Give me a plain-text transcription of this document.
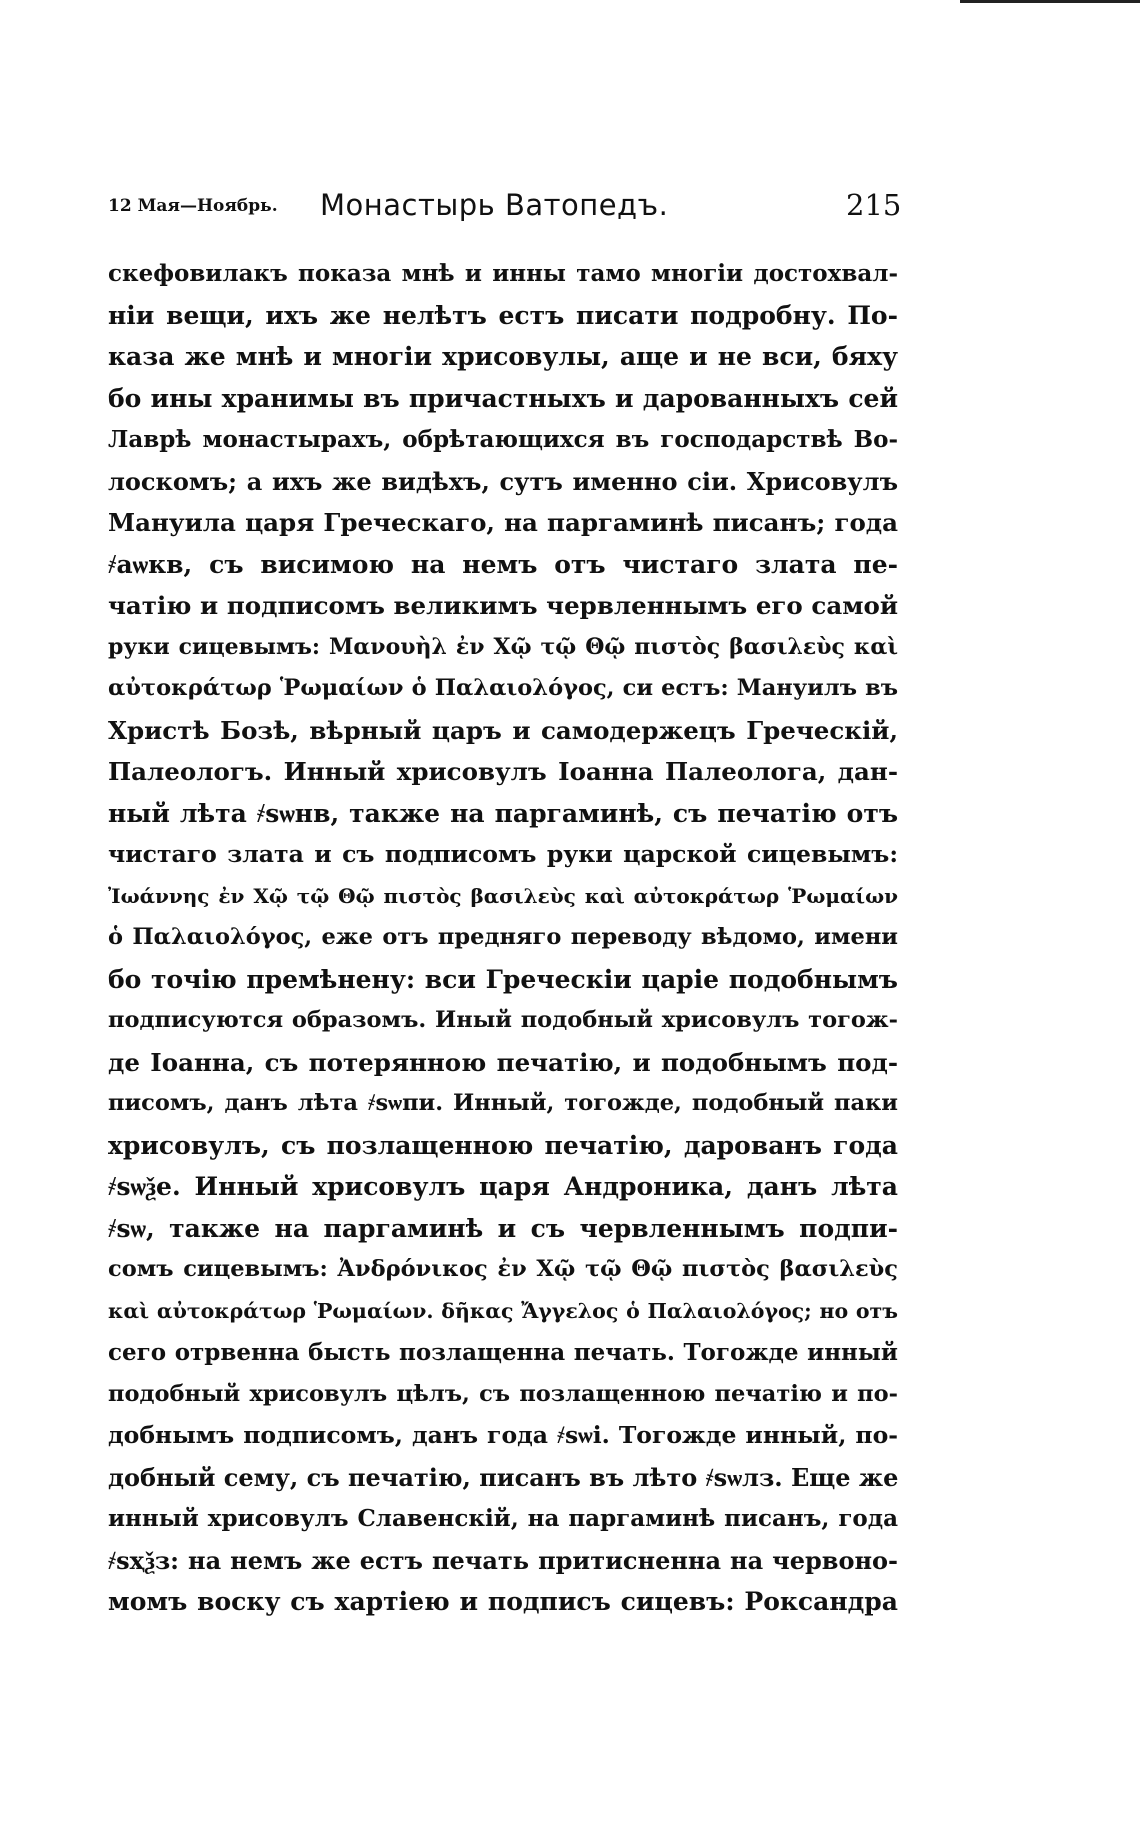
12 Мая—Ноябрь. Монастырь Ватопедъ.	215
скефовилакъ показа мнѣ и инны тамо многіи достохвал-
ніи вещи, ихъ же нелѣтъ естъ писати подробну. По-
каза же мнѣ и многіи хрисовулы, аще и не вси, бяху
бо ины хранимы въ причастныхъ и дарованныхъ сей
Лаврѣ монастырахъ, обрѣтающихся въ господарствѣ Во-
лоскомъ; а ихъ же видѣхъ, сутъ именно сіи. Хрисовулъ
Мануила царя Греческаго, на паргаминѣ писанъ; года
҂аѡкв, съ висимою на немъ отъ чистаго злата пе-
чатію и подписомъ великимъ червленнымъ его самой
руки сицевымъ: Μανουὴλ ἐν Χῷ τῷ Θῷ πιστὸς βασιλεὺς καὶ
αὐτοκράτωρ Ῥωμαίων ὁ Παλαιολόγος, си естъ: Мануилъ въ
Христѣ Бозѣ, вѣрный царъ и самодержецъ Греческій,
Палеологъ. Инный хрисовулъ Іоанна Палеолога, дан-
ный лѣта ҂ѕѡнв, также на паргаминѣ, съ печатію отъ
чистаго злата и съ подписомъ руки царской сицевымъ:
Ἰωάννης ἐν Χῷ τῷ Θῷ πιστὸς βασιλεὺς καὶ αὐτοκράτωρ Ῥωμαίων
ὁ Παλαιολόγος, еже отъ предняго переводу вѣдомо, имени
бо точію премѣнену: вси Греческіи царіе подобнымъ
подписуются образомъ. Иный подобный хрисовулъ тогож-
де Іоанна, съ потерянною печатію, и подобнымъ под-
писомъ, данъ лѣта ҂ѕѡпи. Инный, тогожде, подобный паки
хрисовулъ, съ позлащенною печатію, дарованъ года
҂ѕѡѯе. Инный хрисовулъ царя Андроника, данъ лѣта
҂ѕѡ, также на паргаминѣ и съ червленнымъ подпи-
сомъ сицевымъ: Ἀνδρόνικος ἐν Χῷ τῷ Θῷ πιστὸς βασιλεὺς
καὶ αὐτοκράτωρ Ῥωμαίων. δῆκας Ἄγγελος ὁ Παλαιολόγος; но отъ
сего отрвенна бысть позлащенна печать. Тогожде инный
подобный хрисовулъ цѣлъ, съ позлащенною печатію и по-
добнымъ подписомъ, данъ года ҂ѕѡі. Тогожде инный, по-
добный сему, съ печатію, писанъ въ лѣто ҂ѕѡлз. Еще же
инный хрисовулъ Славенскій, на паргаминѣ писанъ, года
҂ѕҳѯз: на немъ же естъ печать притисненна на червоно-
момъ воску съ хартіею и подписъ сицевъ: Роксандра
